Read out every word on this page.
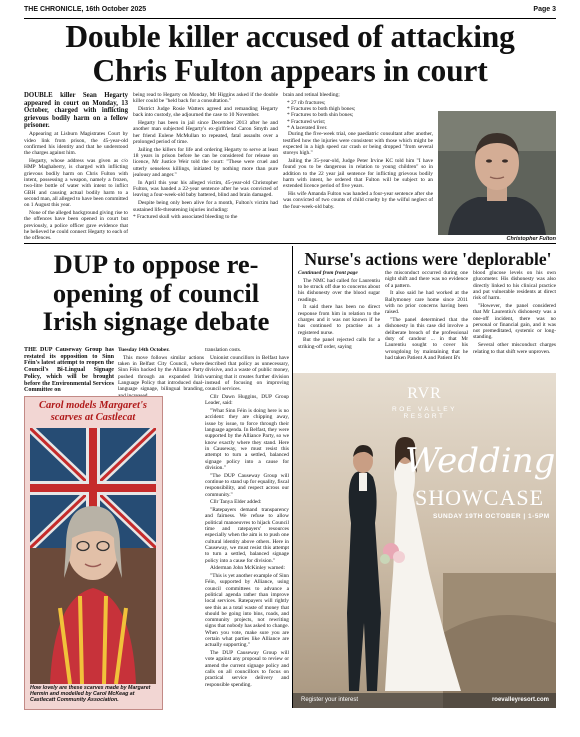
THE CHRONICLE, 16th October 2025	Page 3
Double killer accused of attacking
Chris Fulton appears in court

DOUBLE killer Sean Hegarty appeared in court on Monday, 13 October, charged with inflicting grievous bodily harm on a fellow prisoner.

Appearing at Lisburn Magistrates Court by video link from prison, the 45-year-old confirmed his identity and that he understood the charges against him.

Hegarty, whose address was given as c/o HMP Maghaberry, is charged with inflicting grievous bodily harm on Chris Fulton with intent, possessing a weapon, namely a frozen, two-litre bottle of water with intent to inflict GBH and causing actual bodily harm to a second man, all alleged to have been committed on 1 August this year.

None of the alleged background giving rise to the offences have been opened in court but previously, a police officer gave evidence that he believed he could connect Hegarty to each of the offences.

being read to Hegarty on Monday, Mr Higgins asked if the double killer could be "held back for a consultation."

District Judge Rosie Watters agreed and remanding Hegarty back into custody, she adjourned the case to 10 November.

Hegarty has been in jail since December 2013 after he and another man subjected Hegarty's ex-girlfriend Caron Smyth and her friend Eulene McMullan to repeated, fatal assaults over a prolonged period of time.

Jailing the killers for life and ordering Hegarty to serve at least 18 years in prison before he can be considered for release on licence, Mr Justice Weir told the court: "These were cruel and utterly senseless killings, initiated by nothing more than pure jealousy and anger."

In April this year his alleged victim, 45-year-old Christopher Fulton, was handed a 22-year sentence after he was convicted of leaving a four-week-old baby battered, blind and brain damaged.

Despite being only been alive for a month, Fulton's victim had sustained life-threatening injuries including:

* Fractured skull with associated bleeding to the

brain and retinal bleeding;

* 27 rib fractures;
* Fractures to both thigh bones;
* Fractures to both shin bones;
* Fractured wrist;
* A lacerated liver.

During the five-week trial, one paediatric consultant after another, testified how the injuries were consistent with those which might be expected in a high speed car crash or being dropped "from several storeys high."

Jailing the 35-year-old, Judge Peter Irvine KC told him "I have found you to be dangerous in relation to young children" so in addition to the 22 year jail sentence for inflicting grievous bodily harm with intent, he ordered that Fulton will be subject to an extended licence period of five years.

His wife Amanda Fulton was handed a four-year sentence after she was convicted of two counts of child cruelty by the wilful neglect of the four-week-old baby.

Christopher Fulton
DUP to oppose re-opening of council Irish signage debate

THE DUP Causeway Group has restated its opposition to Sinn Féin's latest attempt to reopen the Council's Bi-Lingual Signage Policy, which will be brought before the Environmental Services Committee on

Tuesday 14th October.

This move follows similar actions taken in Belfast City Council, where Sinn Féin backed by the Alliance Party pushed through an expanded Irish Language Policy that introduced dual-language signage, bilingual branding,

translation costs.

Unionist councillors in Belfast have described that policy as unnecessary, divisive, and a waste of public money, warning that it creates further division instead of focusing on improving council services.

Cllr Dawn Huggins, DUP Group Leader, said:

"What Sinn Féin is doing here is no accident: they are chipping away, issue by issue, to force through their language agenda. In Belfast, they were supported by the Alliance Party, so we know exactly where they stand. Here in Causeway, we must resist this attempt to turn a settled, balanced signage policy into a cause for division."

"The DUP Causeway Group will continue to stand up for equality, fiscal responsibility, and respect across our community."

Cllr Tanya Elder added:

"Ratepayers demand transparency and fairness. We refuse to allow political manoeuvres to hijack Council time and ratepayers' resources especially when the aim is to push one cultural identity above others. Here in Causeway, we must resist this attempt to turn a settled, balanced signage policy into a cause for division."

Alderman John McKinley warned:

"This is yet another example of Sinn Féin, supported by Alliance, using council committees to advance a political agenda rather than improve local services. Ratepayers will rightly see this as a total waste of money that should be going into bins, roads, and community projects, not rewriting signs that nobody has asked to change. When you vote, make sure you are certain what parties like Alliance are actually supporting."

The DUP Causeway Group will vote against any proposal to review or amend the current signage policy and calls on all councillors to focus on practical service delivery and responsible spending.

Carol models Margaret's
scarves at Castlecat
How lovely are these scarves made by Margaret Hermin and modelled by Carol McKeag at Castlecatt Community Association.
Nurse's actions were 'deplorable'

Continued from front page

The NMC had called for Laurentiu to be struck off due to concerns about his dishonesty over the blood sugar readings.

It said there has been no direct response from him in relation to the charges and it was not known if he has continued to practise as a registered nurse.

But the panel rejected calls for a striking-off order, saying

the misconduct occurred during one night shift and there was no evidence of a pattern.

It also said he had worked at the Ballymoney care home since 2011 with no prior concerns having been raised.

"The panel determined that the dishonesty in this case did involve a deliberate breach of the professional duty of candour ... in that Mr Laurentiu sought to cover his wrongdoing by maintaining that he had taken Patient A and Patient B's

blood glucose levels on his own glucometer. His dishonesty was also directly linked to his clinical practice and put vulnerable residents at direct risk of harm.

"However, the panel considered that Mr Laurentiu's dishonesty was a one-off incident, there was no personal or financial gain, and it was not premeditated, systemic or long-standing.

Several other misconduct charges relating to that shift were unproven.

RVR
ROE VALLEY
RESORT
Wedding
SHOWCASE
SUNDAY 19TH OCTOBER | 1-5PM
Register your interest	roevalleyresort.com
